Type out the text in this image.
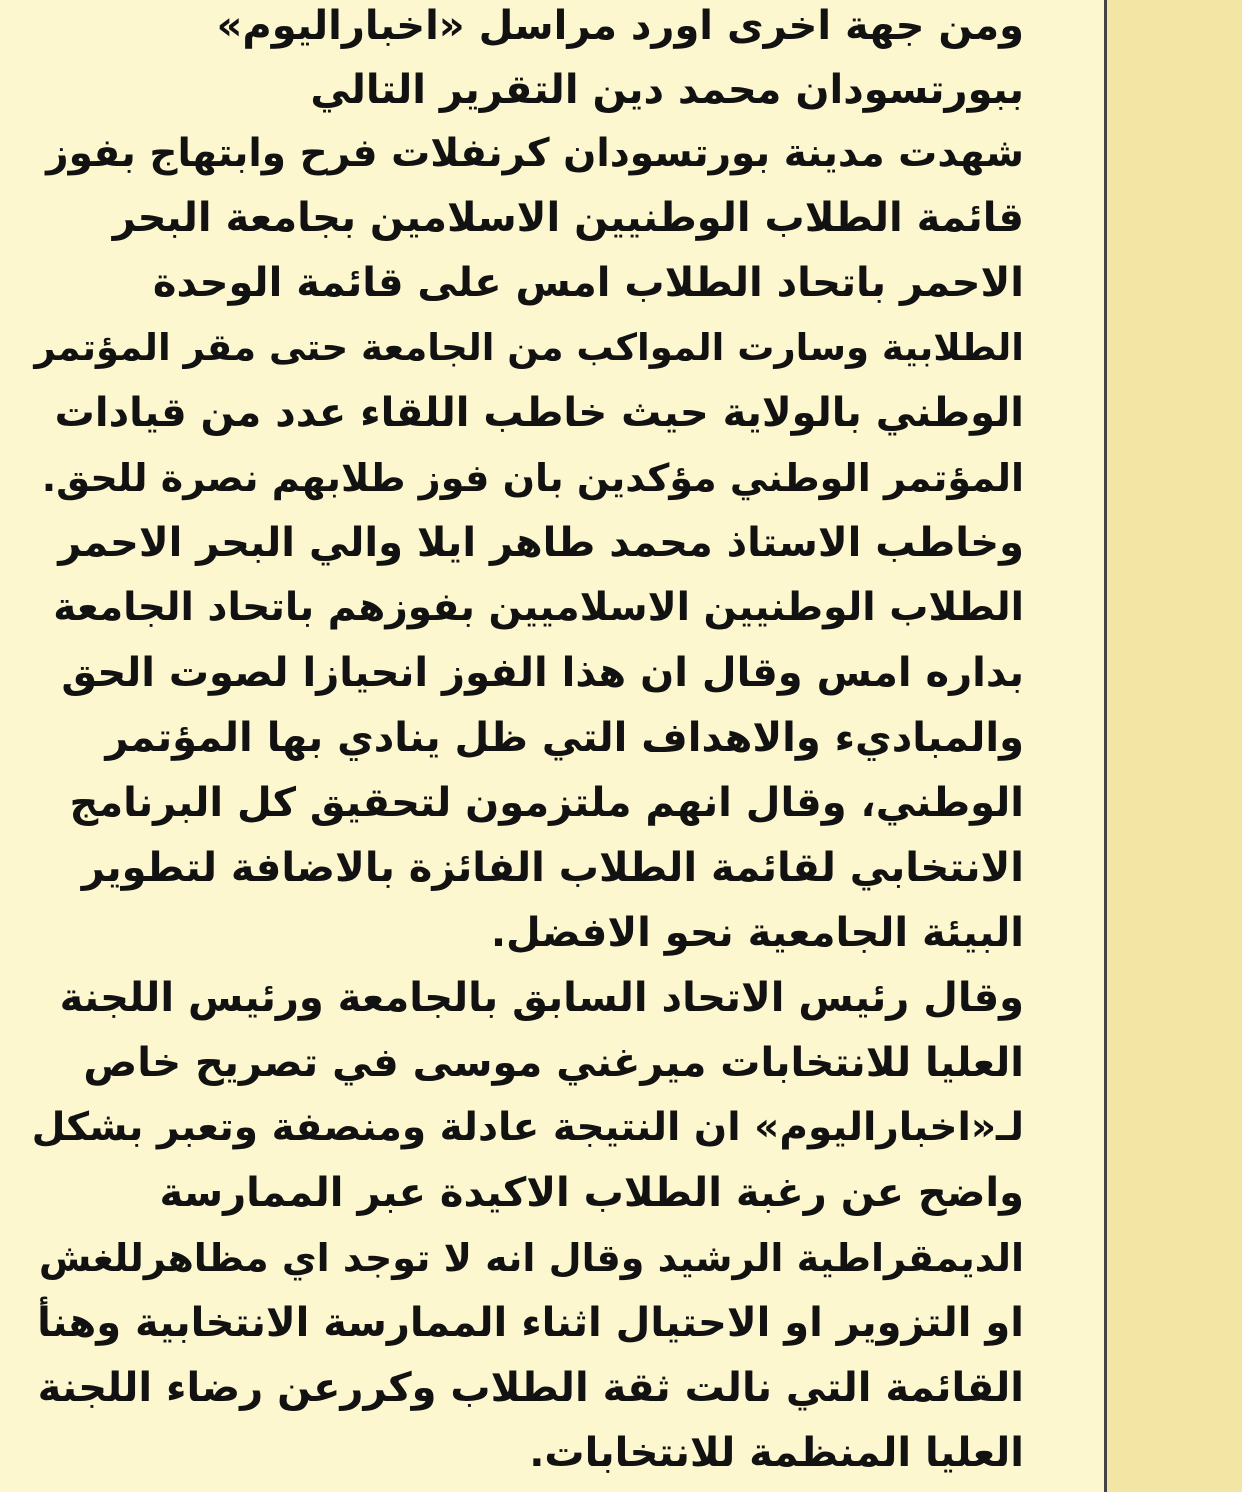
ومن جهة اخرى اورد مراسل «اخباراليوم»

ببورتسودان محمد دين التقرير التالي

شهدت مدينة بورتسودان كرنفلات فرح وابتهاج بفوز

قائمة الطلاب الوطنيين الاسلامين بجامعة البحر

الاحمر باتحاد الطلاب امس على قائمة الوحدة

الطلابية وسارت المواكب من الجامعة حتى مقر المؤتمر

الوطني بالولاية حيث خاطب اللقاء عدد من قيادات

المؤتمر الوطني مؤكدين بان فوز طلابهم نصرة للحق.

وخاطب الاستاذ محمد طاهر ايلا والي البحر الاحمر

الطلاب الوطنيين الاسلاميين بفوزهم باتحاد الجامعة

بداره امس وقال ان هذا الفوز انحيازا لصوت الحق

والمباديء والاهداف التي ظل ينادي بها المؤتمر

الوطني، وقال انهم ملتزمون لتحقيق كل البرنامج

الانتخابي لقائمة الطلاب الفائزة بالاضافة لتطوير

البيئة الجامعية نحو الافضل.

وقال رئيس الاتحاد السابق بالجامعة ورئيس اللجنة

العليا للانتخابات ميرغني موسى في تصريح خاص

لـ«اخباراليوم» ان النتيجة عادلة ومنصفة وتعبر بشكل

واضح عن رغبة الطلاب الاكيدة عبر الممارسة

الديمقراطية الرشيد وقال انه لا توجد اي مظاهرللغش

او التزوير او الاحتيال اثناء الممارسة الانتخابية وهنأ

القائمة التي نالت ثقة الطلاب وكررعن رضاء اللجنة

العليا المنظمة للانتخابات.
